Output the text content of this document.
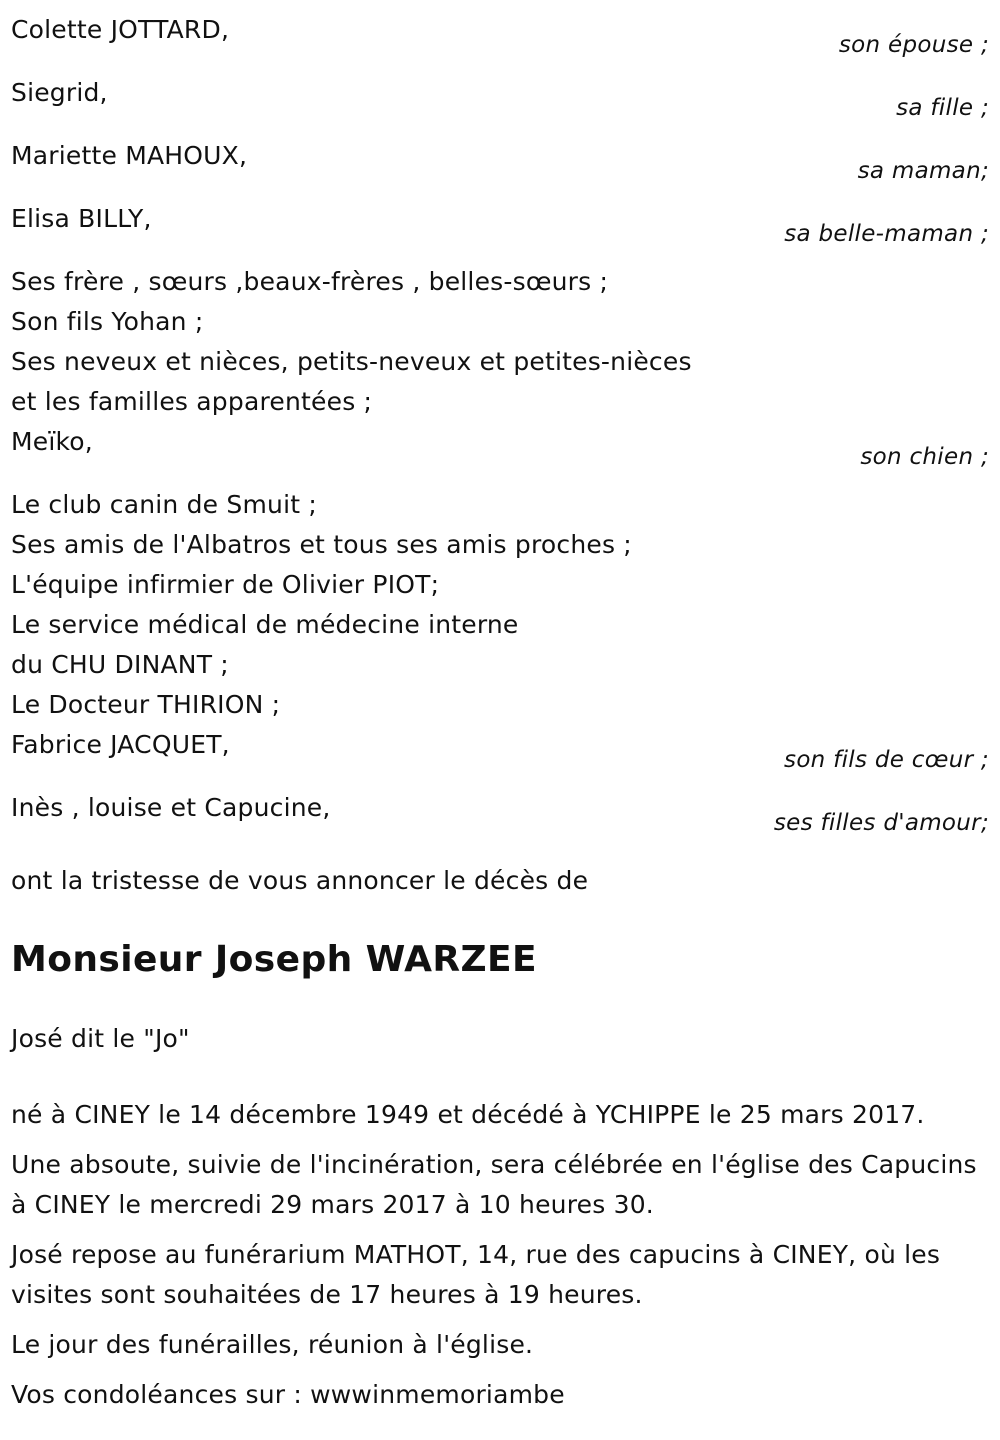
Colette JOTTARD,
son épouse ;
Siegrid,
sa fille ;
Mariette MAHOUX,
sa maman;
Elisa BILLY,
sa belle-maman ;
Ses frère , sœurs ,beaux-frères , belles-sœurs ;
Son fils Yohan ;
Ses neveux et nièces, petits-neveux et petites-nièces
et les familles apparentées ;
Meïko,
son chien ;
Le club canin de Smuit ;
Ses amis de l'Albatros et tous ses amis proches ;
L'équipe infirmier de Olivier PIOT;
Le service médical de médecine interne
du CHU DINANT ;
Le Docteur THIRION ;
Fabrice JACQUET,
son fils de cœur ;
Inès , louise et Capucine,
ses filles d'amour;
ont la tristesse de vous annoncer le décès de
Monsieur Joseph WARZEE
José dit le "Jo"
né à CINEY le 14 décembre 1949 et décédé à YCHIPPE le 25 mars 2017.
Une absoute, suivie de l'incinération, sera célébrée en l'église des Capucins à CINEY le mercredi 29 mars 2017 à 10 heures 30.
José repose au funérarium MATHOT, 14, rue des capucins à CINEY, où les visites sont souhaitées de 17 heures à 19 heures.
Le jour des funérailles, réunion à l'église.
Vos condoléances sur : wwwinmemoriambe
